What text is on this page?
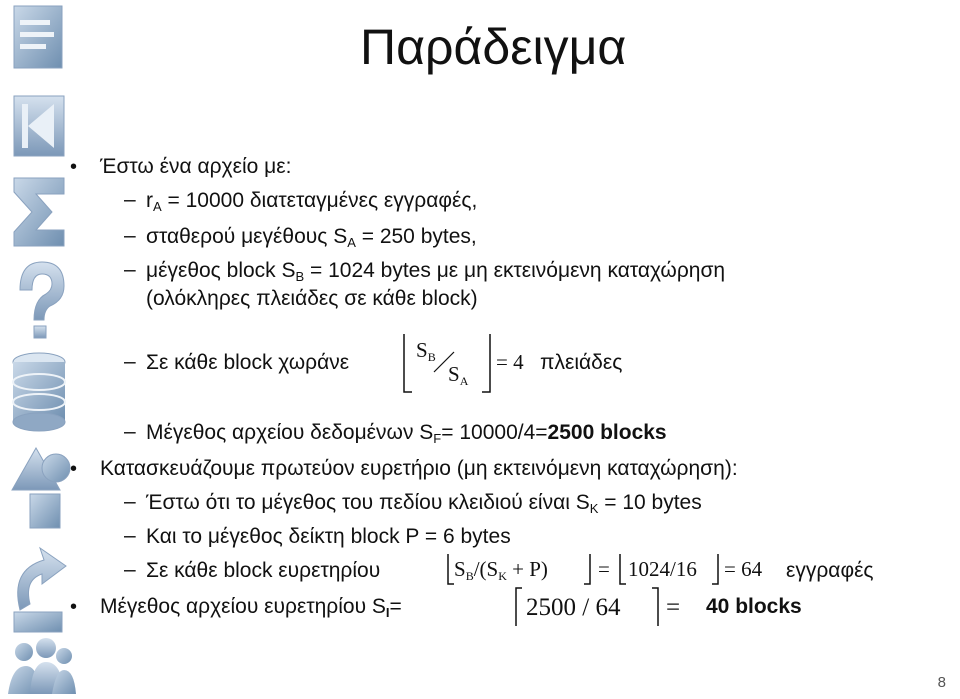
Παράδειγμα
• Έστω ένα αρχείο με:
– $r_A = 10000$ διατεταγμένες εγγραφές,
– σταθερού μεγέθους $S_A = 250$ bytes,
– μέγεθος block $S_B = 1024$ bytes με μη εκτεινόμενη καταχώρηση
(ολόκληρες πλειάδες σε κάθε block)
– Σε κάθε block χωράνε
$S_B$
$S_A$
= 4 πλειάδες
– Μέγεθος αρχείου δεδομένων $S_F= 10000/4=2500$ blocks
• Κατασκευάζουμε πρωτεύον ευρετήριο (μη εκτεινόμενη καταχώρηση):
– Έστω ότι το μέγεθος του πεδίου κλειδιού είναι $S_K = 10$ bytes
– Και το μέγεθος δείκτη block P = 6 bytes
– Σε κάθε block ευρετηρίου	$S_B/(S_K + P) = 1024/16 = 64$ εγγραφές
• Μέγεθος αρχείου ευρετηρίου $S_I=$	2500 / 64 = 40 blocks
8
